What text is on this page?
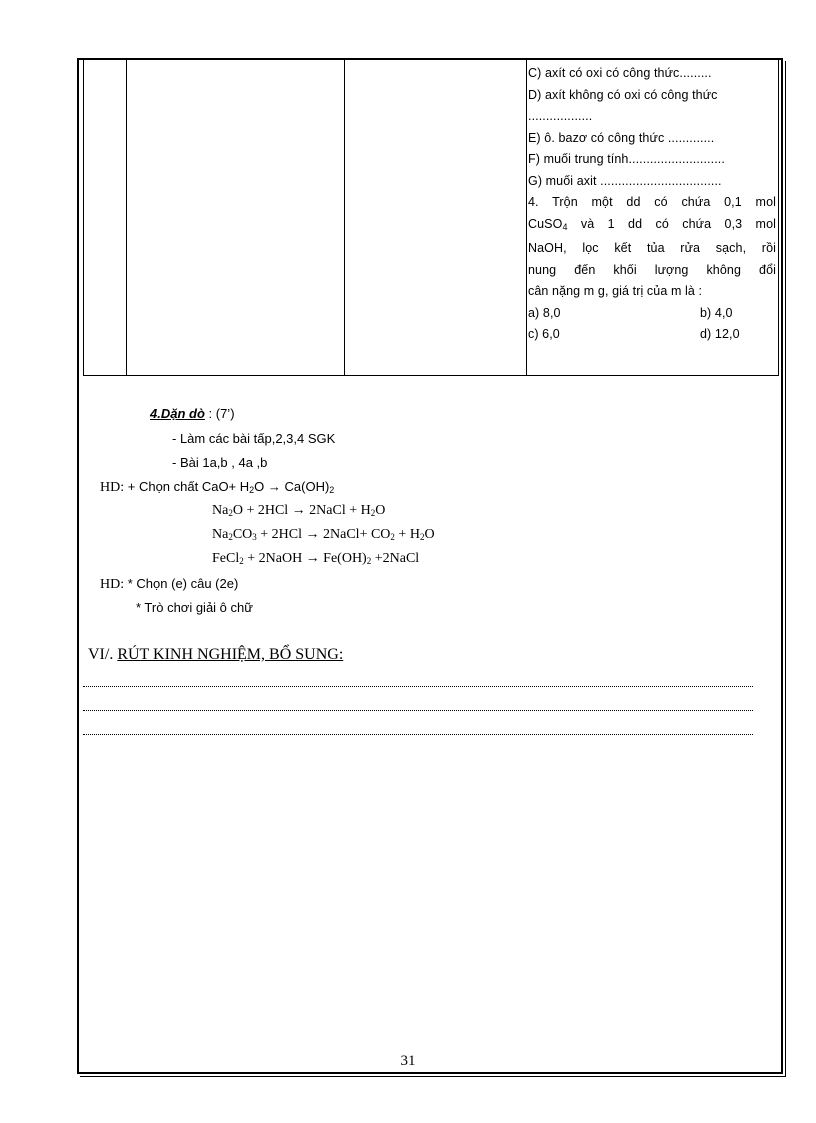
C) axít có oxi có công thức.........
D) axít không có oxi có công thức
..................
E) ô. bazơ có công thức .............
F) muối trung tính...........................
G) muối axit ..................................
4. Trộn một dd có chứa 0,1 mol
CuSO$_4$ và 1 dd có chứa 0,3 mol
NaOH, lọc kết tủa rửa sạch, rồi
nung đến khối lượng không đổi
cân nặng m g, giá trị của m là :
a) 8,0	b) 4,0
c) 6,0	d) 12,0
4.Dặn dò : (7’)
- Làm các bài tấp,2,3,4 SGK
- Bài 1a,b , 4a ,b
HD: + Chọn chất $CaO+ H_2O \to Ca(OH)_2$
$Na_2O + 2HCl$ → 2NaCl + $H_2O$
$Na_2CO_3 + 2HCl$ → 2NaCl+ $CO_2 + H_2O$
FeCl$_2$ + 2NaOH → $Fe(OH)_2$ +2NaCl
HD: * Chọn (e) câu (2e)
* Trò chơi giải ô chữ
VI/. RÚT KINH NGHIỆM, BỔ SUNG:
31
